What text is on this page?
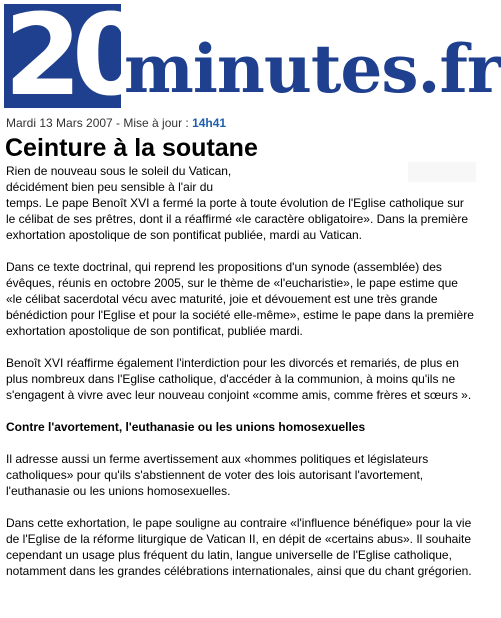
20
minutes.fr
Mardi 13 Mars 2007 - Mise à jour : 14h41
Ceinture à la soutane
Rien de nouveau sous le soleil du Vatican,
décidément bien peu sensible à l'air du

temps. Le pape Benoît XVI a fermé la porte à toute évolution de l'Eglise catholique sur le célibat de ses prêtres, dont il a réaffirmé «le caractère obligatoire». Dans la première exhortation apostolique de son pontificat publiée, mardi au Vatican.

Dans ce texte doctrinal, qui reprend les propositions d'un synode (assemblée) des évêques, réunis en octobre 2005, sur le thème de «l'eucharistie», le pape estime que «le célibat sacerdotal vécu avec maturité, joie et dévouement est une très grande bénédiction pour l'Eglise et pour la société elle-même», estime le pape dans la première exhortation apostolique de son pontificat, publiée mardi.

Benoît XVI réaffirme également l'interdiction pour les divorcés et remariés, de plus en plus nombreux dans l'Eglise catholique, d'accéder à la communion, à moins qu'ils ne s'engagent à vivre avec leur nouveau conjoint «comme amis, comme frères et sœurs ».

Contre l'avortement, l'euthanasie ou les unions homosexuelles

Il adresse aussi un ferme avertissement aux «hommes politiques et législateurs catholiques» pour qu'ils s'abstiennent de voter des lois autorisant l'avortement, l'euthanasie ou les unions homosexuelles.

Dans cette exhortation, le pape souligne au contraire «l'influence bénéfique» pour la vie de l'Eglise de la réforme liturgique de Vatican II, en dépit de «certains abus». Il souhaite cependant un usage plus fréquent du latin, langue universelle de l'Eglise catholique, notamment dans les grandes célébrations internationales, ainsi que du chant grégorien.
